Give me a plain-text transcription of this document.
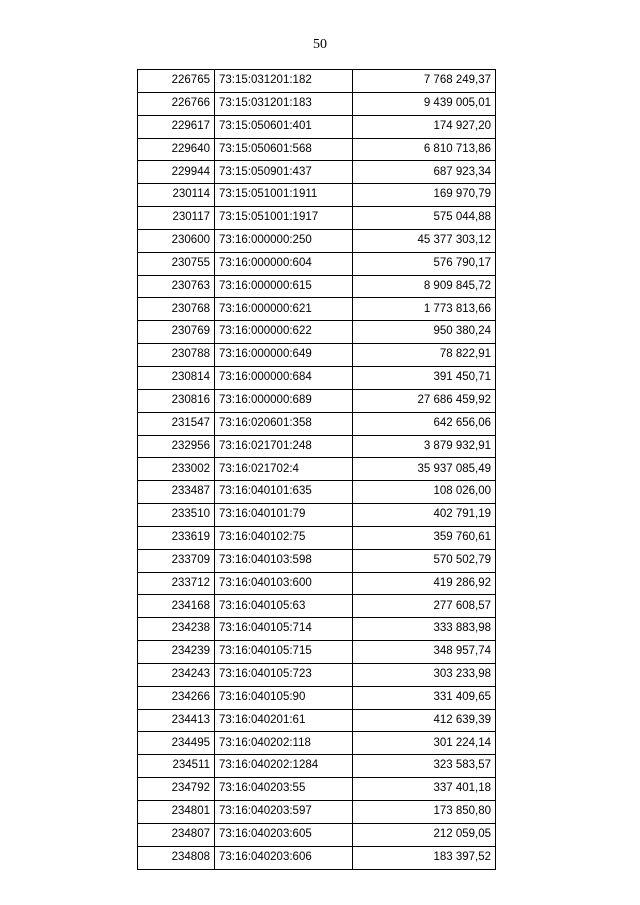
50
226765	73:15:031201:182	7 768 249,37
226766	73:15:031201:183	9 439 005,01
229617	73:15:050601:401	174 927,20
229640	73:15:050601:568	6 810 713,86
229944	73:15:050901:437	687 923,34
230114	73:15:051001:1911	169 970,79
230117	73:15:051001:1917	575 044,88
230600	73:16:000000:250	45 377 303,12
230755	73:16:000000:604	576 790,17
230763	73:16:000000:615	8 909 845,72
230768	73:16:000000:621	1 773 813,66
230769	73:16:000000:622	950 380,24
230788	73:16:000000:649	78 822,91
230814	73:16:000000:684	391 450,71
230816	73:16:000000:689	27 686 459,92
231547	73:16:020601:358	642 656,06
232956	73:16:021701:248	3 879 932,91
233002	73:16:021702:4	35 937 085,49
233487	73:16:040101:635	108 026,00
233510	73:16:040101:79	402 791,19
233619	73:16:040102:75	359 760,61
233709	73:16:040103:598	570 502,79
233712	73:16:040103:600	419 286,92
234168	73:16:040105:63	277 608,57
234238	73:16:040105:714	333 883,98
234239	73:16:040105:715	348 957,74
234243	73:16:040105:723	303 233,98
234266	73:16:040105:90	331 409,65
234413	73:16:040201:61	412 639,39
234495	73:16:040202:118	301 224,14
234511	73:16:040202:1284	323 583,57
234792	73:16:040203:55	337 401,18
234801	73:16:040203:597	173 850,80
234807	73:16:040203:605	212 059,05
234808	73:16:040203:606	183 397,52
